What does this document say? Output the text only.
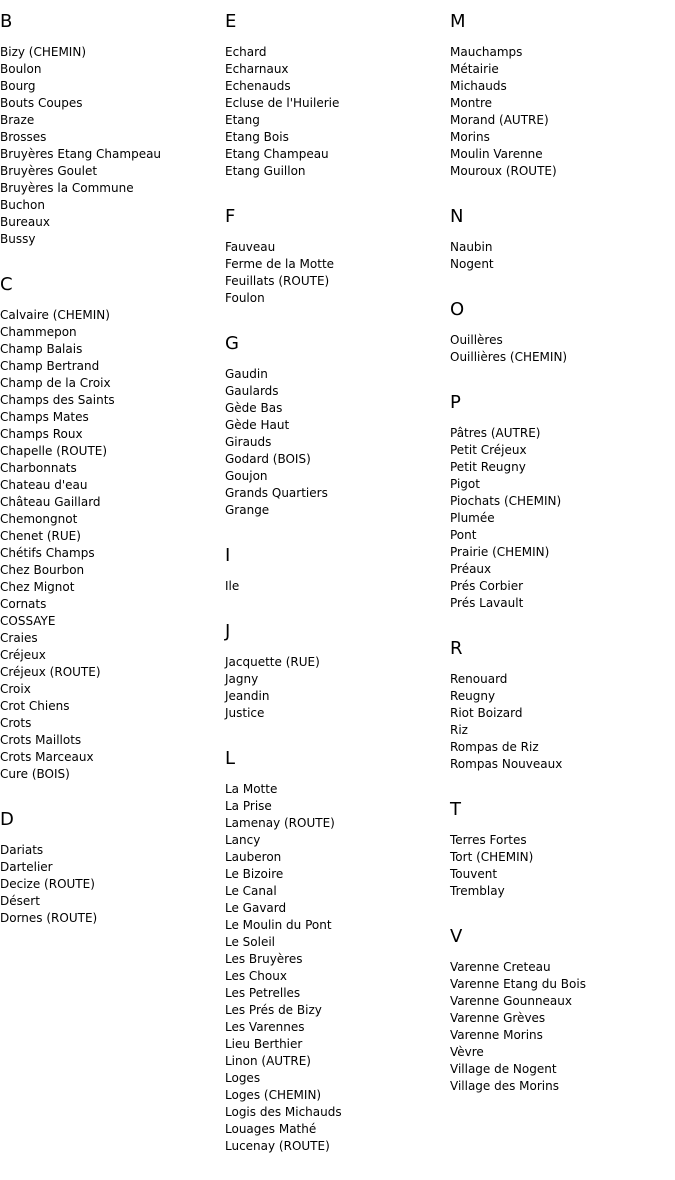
B
Bizy (CHEMIN)
Boulon
Bourg
Bouts Coupes
Braze
Brosses
Bruyères Etang Champeau
Bruyères Goulet
Bruyères la Commune
Buchon
Bureaux
Bussy
C
Calvaire (CHEMIN)
Chammepon
Champ Balais
Champ Bertrand
Champ de la Croix
Champs des Saints
Champs Mates
Champs Roux
Chapelle (ROUTE)
Charbonnats
Chateau d'eau
Château Gaillard
Chemongnot
Chenet (RUE)
Chétifs Champs
Chez Bourbon
Chez Mignot
Cornats
COSSAYE
Craies
Créjeux
Créjeux (ROUTE)
Croix
Crot Chiens
Crots
Crots Maillots
Crots Marceaux
Cure (BOIS)
D
Dariats
Dartelier
Decize (ROUTE)
Désert
Dornes (ROUTE)
E
Echard
Echarnaux
Echenauds
Ecluse de l'Huilerie
Etang
Etang Bois
Etang Champeau
Etang Guillon
F
Fauveau
Ferme de la Motte
Feuillats (ROUTE)
Foulon
G
Gaudin
Gaulards
Gède Bas
Gède Haut
Girauds
Godard (BOIS)
Goujon
Grands Quartiers
Grange
I
Ile
J
Jacquette (RUE)
Jagny
Jeandin
Justice
L
La Motte
La Prise
Lamenay (ROUTE)
Lancy
Lauberon
Le Bizoire
Le Canal
Le Gavard
Le Moulin du Pont
Le Soleil
Les Bruyères
Les Choux
Les Petrelles
Les Prés de Bizy
Les Varennes
Lieu Berthier
Linon (AUTRE)
Loges
Loges (CHEMIN)
Logis des Michauds
Louages Mathé
Lucenay (ROUTE)
M
Mauchamps
Métairie
Michauds
Montre
Morand (AUTRE)
Morins
Moulin Varenne
Mouroux (ROUTE)
N
Naubin
Nogent
O
Ouillères
Ouillières (CHEMIN)
P
Pâtres (AUTRE)
Petit Créjeux
Petit Reugny
Pigot
Piochats (CHEMIN)
Plumée
Pont
Prairie (CHEMIN)
Préaux
Prés Corbier
Prés Lavault
R
Renouard
Reugny
Riot Boizard
Riz
Rompas de Riz
Rompas Nouveaux
T
Terres Fortes
Tort (CHEMIN)
Touvent
Tremblay
V
Varenne Creteau
Varenne Etang du Bois
Varenne Gounneaux
Varenne Grèves
Varenne Morins
Vèvre
Village de Nogent
Village des Morins
